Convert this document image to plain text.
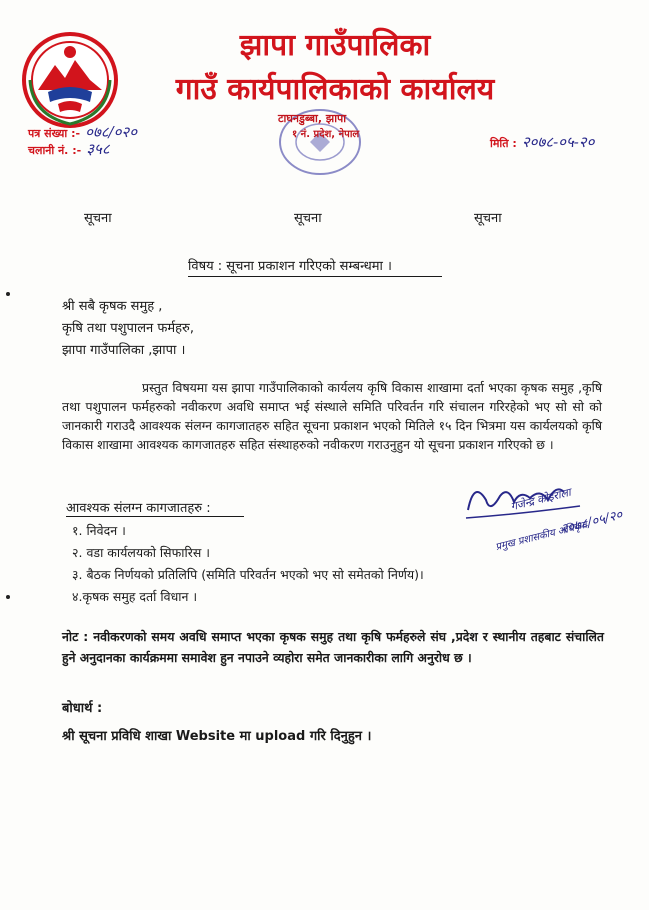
झापा गाउँपालिका
गाउँ कार्यपालिकाको कार्यालय
टाघनडुब्बा, झापा
१ नं. प्रदेश, नेपाल
पत्र संख्या :- ०७८/०२०
चलानी नं. :- ३५८	मिति : २०७८-०५-२०
सूचना	सूचना	सूचना
विषय : सूचना प्रकाशन गरिएको सम्बन्धमा ।
श्री सबै कृषक समुह ,
कृषि तथा पशुपालन फर्महरु,
झापा गाउँपालिका ,झापा ।
प्रस्तुत विषयमा यस झापा गाउँपालिकाको कार्यलय कृषि विकास शाखामा दर्ता भएका कृषक समुह ,कृषि तथा पशुपालन फर्महरुको नवीकरण अवधि समाप्त भई संस्थाले समिति परिवर्तन गरि संचालन गरिरहेको भए सो सो को जानकारी गराउदै आवश्यक संलग्न कागजातहरु सहित सूचना प्रकाशन भएको मितिले १५ दिन भित्रमा यस कार्यलयको कृषि विकास शाखामा आवश्यक कागजातहरु सहित संस्थाहरुको नवीकरण गराउनुहुन यो सूचना प्रकाशन गरिएको छ ।
आवश्यक संलग्न कागजातहरु :
१. निवेदन ।
२. वडा कार्यलयको सिफारिस ।
३. बैठक निर्णयको प्रतिलिपि (समिति परिवर्तन भएको भए सो समेतको निर्णय)।
४.कृषक समुह दर्ता विधान ।
गजेन्द्र कोइराला
प्रमुख प्रशासकीय अधिकृत
२०७८/०५/२०
नोट : नवीकरणको समय अवधि समाप्त भएका कृषक समुह तथा कृषि फर्महरुले संघ ,प्रदेश र स्थानीय तहबाट संचालित हुने अनुदानका कार्यक्रममा समावेश हुन नपाउने व्यहोरा समेत जानकारीका लागि अनुरोध छ ।
बोधार्थ :
श्री सूचना प्रविधि शाखा Website मा upload गरि दिनुहुन ।
